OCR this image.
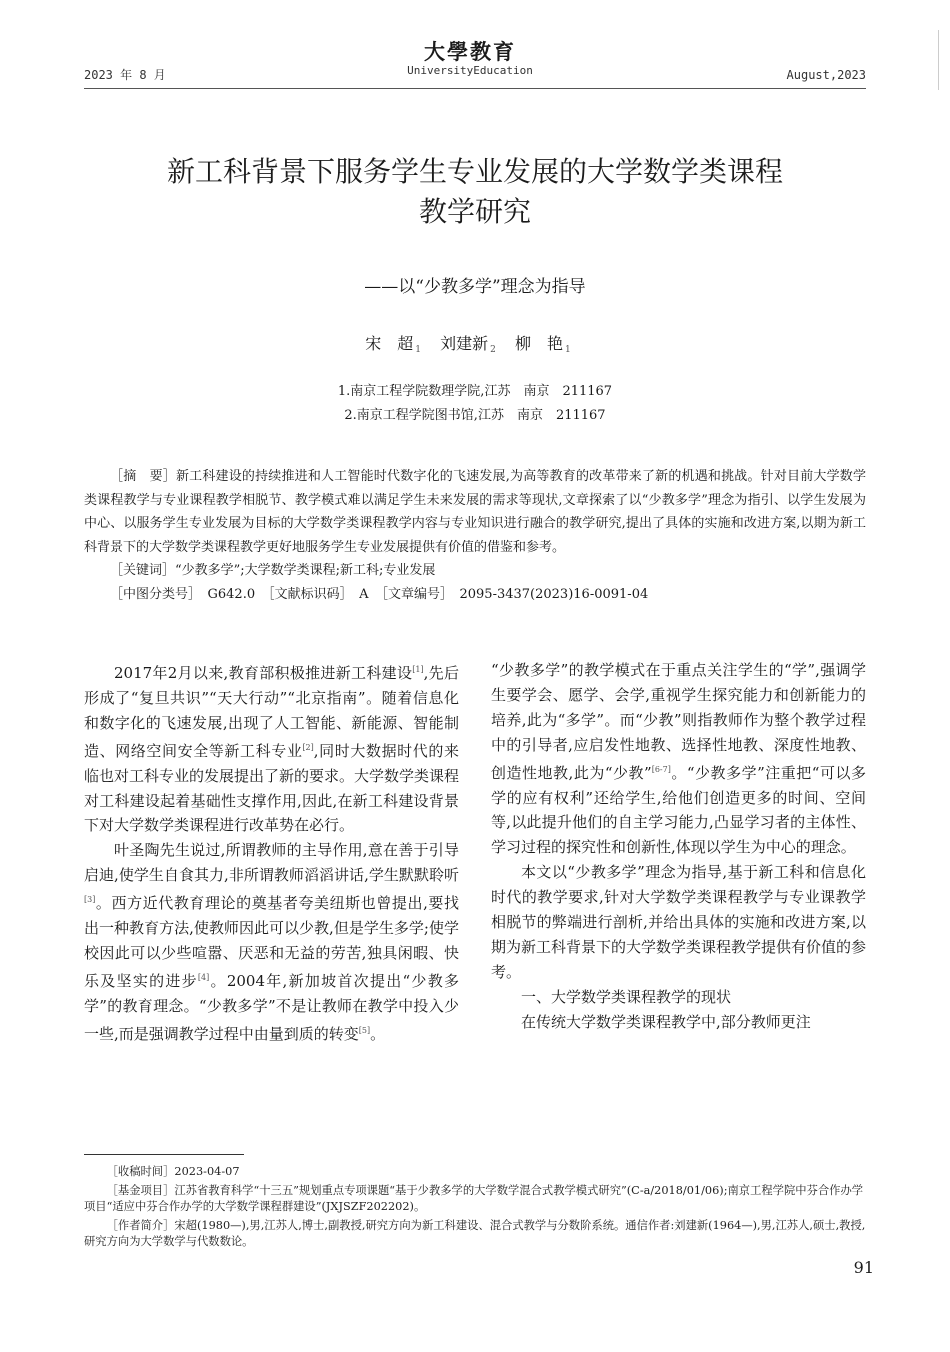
2023 年 8 月
大學教育
UniversityEducation	August,2023
新工科背景下服务学生专业发展的大学数学类课程
教学研究
——以“少教多学”理念为指导
宋　超 $^1$ 刘建新 $^2$ 柳　艳 $^1$
1.南京工程学院数理学院,江苏　南京　211167
2.南京工程学院图书馆,江苏　南京　211167

［摘　要］新工科建设的持续推进和人工智能时代数字化的飞速发展,为高等教育的改革带来了新的机遇和挑战。针对目前大学数学类课程教学与专业课程教学相脱节、教学模式难以满足学生未来发展的需求等现状,文章探索了以“少教多学”理念为指引、以学生发展为中心、以服务学生专业发展为目标的大学数学类课程教学内容与专业知识进行融合的教学研究,提出了具体的实施和改进方案,以期为新工科背景下的大学数学类课程教学更好地服务学生专业发展提供有价值的借鉴和参考。

［关键词］“少教多学”;大学数学类课程;新工科;专业发展

［中图分类号］　G642.0　［文献标识码］　A　［文章编号］　2095-3437(2023)16-0091-04

2017年2月以来,教育部积极推进新工科建设[1],先后形成了“复旦共识”“天大行动”“北京指南”。随着信息化和数字化的飞速发展,出现了人工智能、新能源、智能制造、网络空间安全等新工科专业[2],同时大数据时代的来临也对工科专业的发展提出了新的要求。大学数学类课程对工科建设起着基础性支撑作用,因此,在新工科建设背景下对大学数学类课程进行改革势在必行。

叶圣陶先生说过,所谓教师的主导作用,意在善于引导启迪,使学生自食其力,非所谓教师滔滔讲话,学生默默聆听[3]。西方近代教育理论的奠基者夸美纽斯也曾提出,要找出一种教育方法,使教师因此可以少教,但是学生多学;使学校因此可以少些喧嚣、厌恶和无益的劳苦,独具闲暇、快乐及坚实的进步[4]。2004年,新加坡首次提出“少教多学”的教育理念。“少教多学”不是让教师在教学中投入少一些,而是强调教学过程中由量到质的转变[5]。

“少教多学”的教学模式在于重点关注学生的“学”,强调学生要学会、愿学、会学,重视学生探究能力和创新能力的培养,此为“多学”。而“少教”则指教师作为整个教学过程中的引导者,应启发性地教、选择性地教、深度性地教、创造性地教,此为“少教”[6-7]。“少教多学”注重把“可以多学的应有权利”还给学生,给他们创造更多的时间、空间等,以此提升他们的自主学习能力,凸显学习者的主体性、学习过程的探究性和创新性,体现以学生为中心的理念。

本文以“少教多学”理念为指导,基于新工科和信息化时代的教学要求,针对大学数学类课程教学与专业课教学相脱节的弊端进行剖析,并给出具体的实施和改进方案,以期为新工科背景下的大学数学类课程教学提供有价值的参考。

一、大学数学类课程教学的现状

在传统大学数学类课程教学中,部分教师更注

［收稿时间］2023-04-07

［基金项目］江苏省教育科学“十三五”规划重点专项课题“基于少教多学的大学数学混合式教学模式研究”(C-a/2018/01/06);南京工程学院中芬合作办学项目“适应中芬合作办学的大学数学课程群建设”(JXJSZF202202)。

［作者简介］宋超(1980—),男,江苏人,博士,副教授,研究方向为新工科建设、混合式教学与分数阶系统。通信作者:刘建新(1964—),男,江苏人,硕士,教授,研究方向为大学数学与代数数论。

91
